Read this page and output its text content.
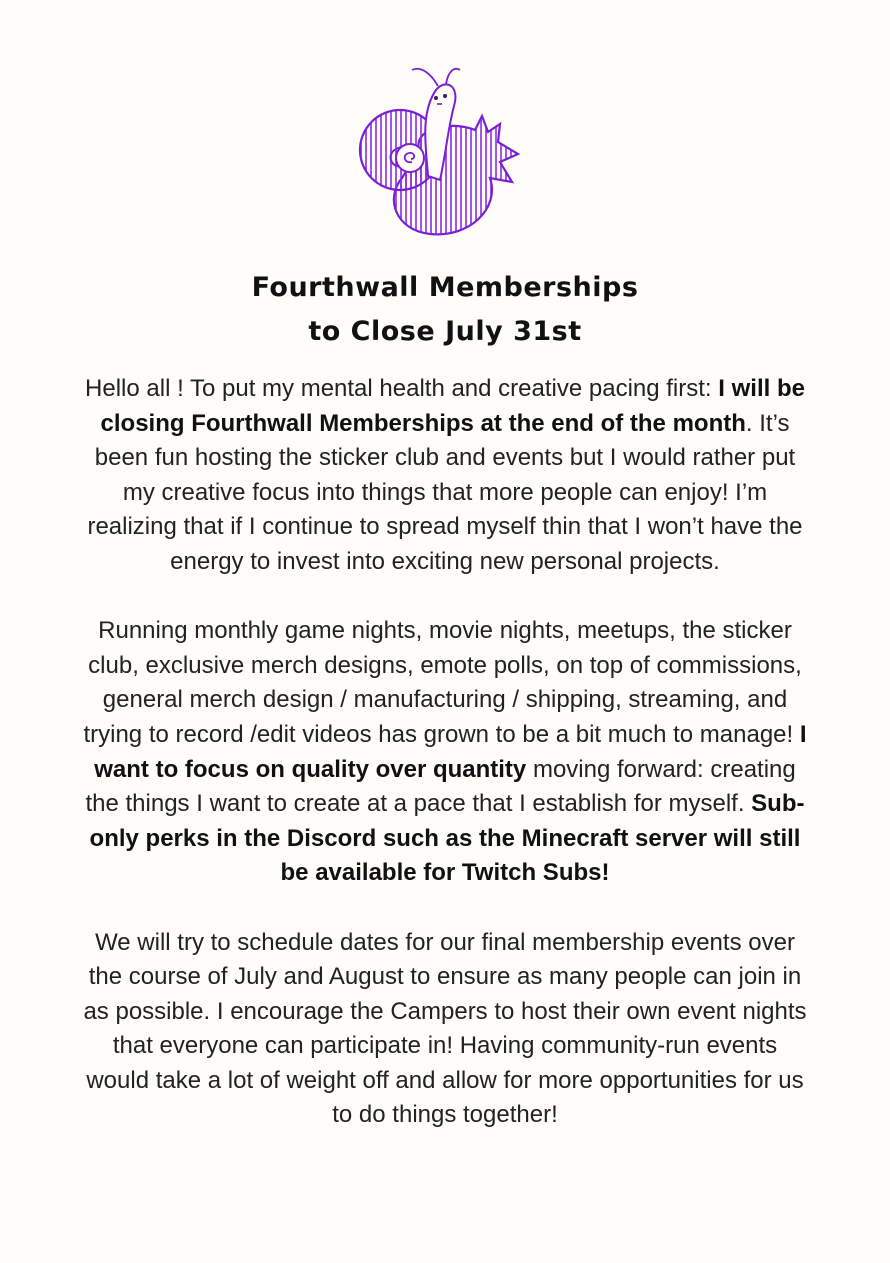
Fourthwall Memberships
to Close July 31st

Hello all ! To put my mental health and creative pacing first: I will be closing Fourthwall Memberships at the end of the month. It’s been fun hosting the sticker club and events but I would rather put my creative focus into things that more people can enjoy! I’m realizing that if I continue to spread myself thin that I won’t have the energy to invest into exciting new personal projects.

Running monthly game nights, movie nights, meetups, the sticker club, exclusive merch designs, emote polls, on top of commissions, general merch design / manufacturing / shipping, streaming, and trying to record /edit videos has grown to be a bit much to manage! I want to focus on quality over quantity moving forward: creating the things I want to create at a pace that I establish for myself. Sub-only perks in the Discord such as the Minecraft server will still be available for Twitch Subs!

We will try to schedule dates for our final membership events over the course of July and August to ensure as many people can join in as possible. I encourage the Campers to host their own event nights that everyone can participate in! Having community-run events would take a lot of weight off and allow for more opportunities for us to do things together!
